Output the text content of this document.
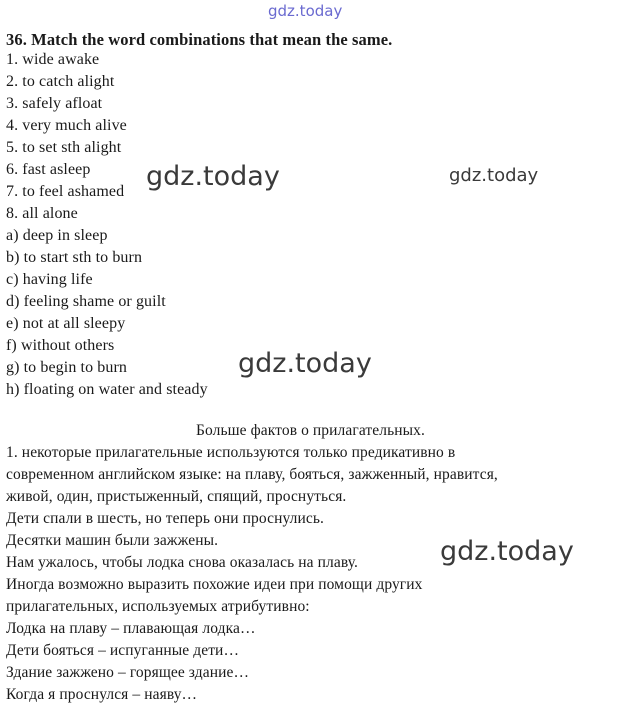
gdz.today
36. Match the word combinations that mean the same.
1. wide awake
2. to catch alight
3. safely afloat
4. very much alive
5. to set sth alight
6. fast asleep
7. to feel ashamed
8. all alone
a) deep in sleep
b) to start sth to burn
c) having life
d) feeling shame or guilt
e) not at all sleepy
f) without others
g) to begin to burn
h) floating on water and steady
Больше фактов о прилагательных.
1. некоторые прилагательные используются только предикативно в
современном английском языке: на плаву, бояться, зажженный, нравится,
живой, один, пристыженный, спящий, проснуться.
Дети спали в шесть, но теперь они проснулись.
Десятки машин были зажжены.
Нам ужалось, чтобы лодка снова оказалась на плаву.
Иногда возможно выразить похожие идеи при помощи других
прилагательных, используемых атрибутивно:
Лодка на плаву – плавающая лодка…
Дети бояться – испуганные дети…
Здание зажжено – горящее здание…
Когда я проснулся – наяву…
gdz.today	gdz.today
gdz.today
gdz.today
